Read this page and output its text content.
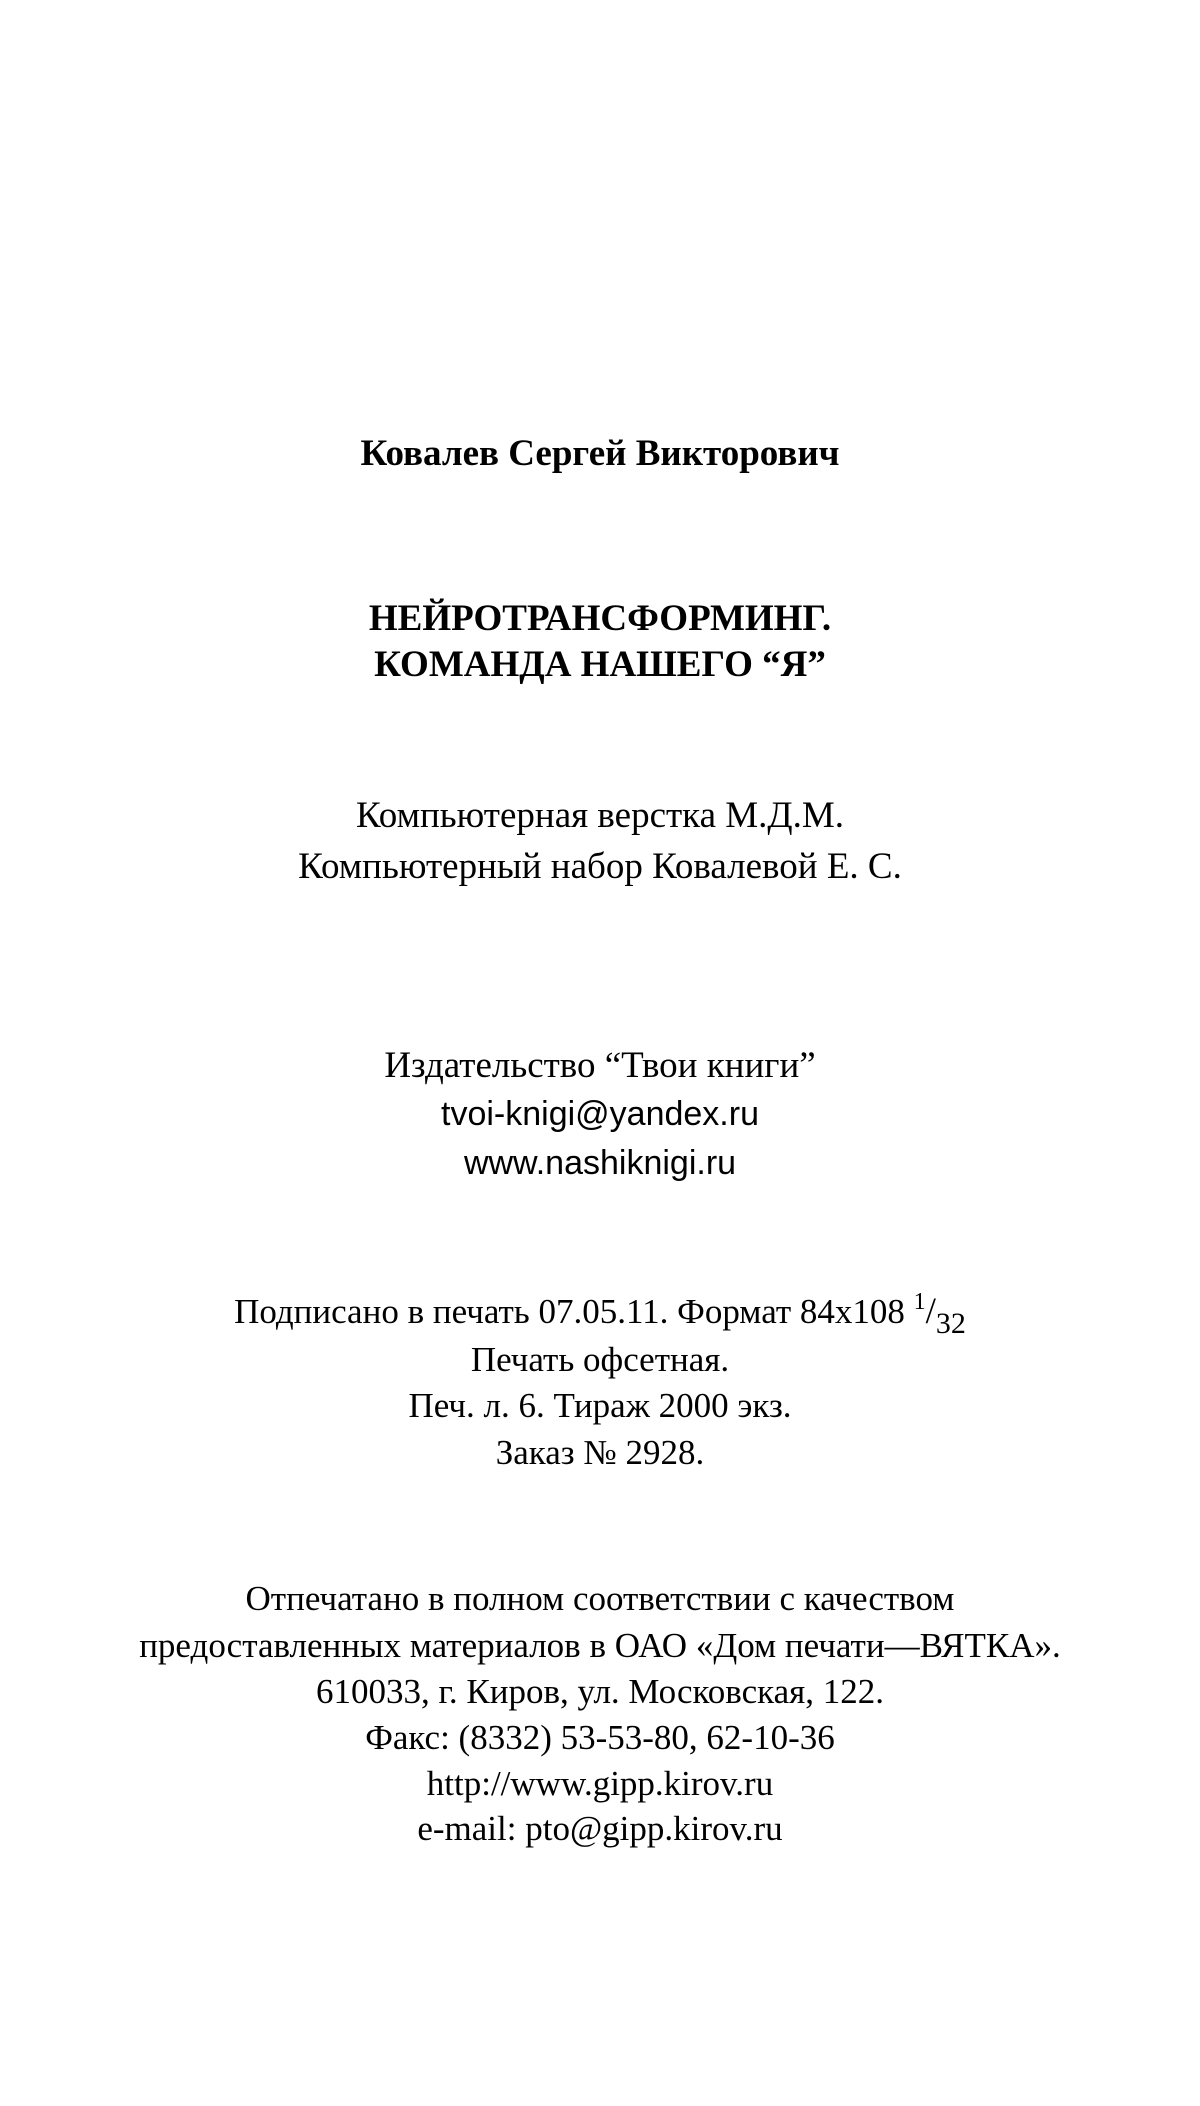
Ковалев Сергей Викторович
НЕЙРОТРАНСФОРМИНГ.
КОМАНДА НАШЕГО “Я”
Компьютерная верстка М.Д.М.
Компьютерный набор Ковалевой Е. С.
Издательство “Твои книги”
tvoi-knigi@yandex.ru
www.nashiknigi.ru
Подписано в печать 07.05.11. Формат 84x108 $^1$/32
Печать офсетная.
Печ. л. 6. Тираж 2000 экз.
Заказ № 2928.
Отпечатано в полном соответствии с качеством
предоставленных материалов в ОАО «Дом печати—ВЯТКА».
610033, г. Киров, ул. Московская, 122.
Факс: (8332) 53-53-80, 62-10-36
http://www.gipp.kirov.ru
e-mail: pto@gipp.kirov.ru
